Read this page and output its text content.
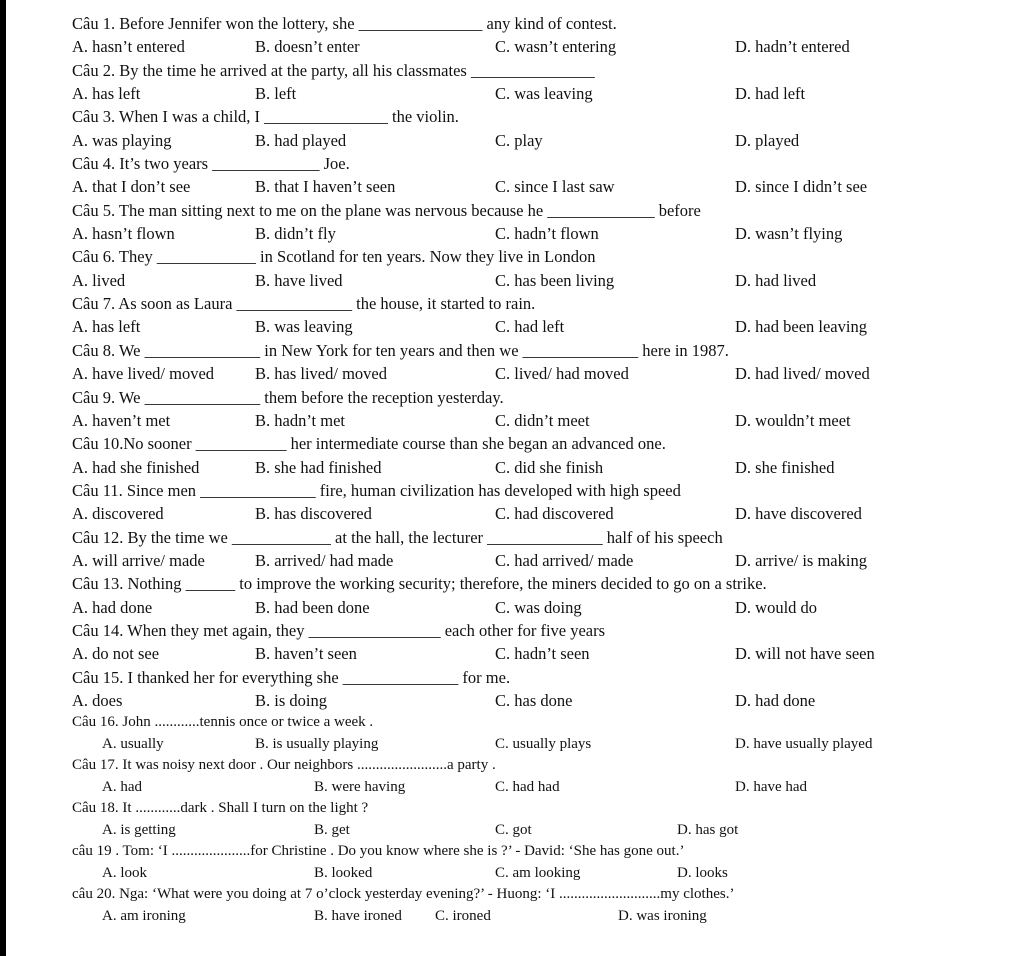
Câu 1. Before Jennifer won the lottery, she _______________ any kind of contest.
A. hasn’t entered	B. doesn’t enter	C. wasn’t entering	D. hadn’t entered
Câu 2. By the time he arrived at the party, all his classmates _______________
A. has left	B. left	C. was leaving	D. had left
Câu 3. When I was a child, I _______________ the violin.
A. was playing	B. had played	C. play	D. played
Câu 4. It’s two years _____________ Joe.
A. that I don’t see	B. that I haven’t seen	C. since I last saw	D. since I didn’t see
Câu 5. The man sitting next to me on the plane was nervous because he _____________ before
A. hasn’t flown	B. didn’t fly	C. hadn’t flown	D. wasn’t flying
Câu 6. They ____________ in Scotland for ten years. Now they live in London
A. lived	B. have lived	C. has been living	D. had lived
Câu 7. As soon as Laura ______________ the house, it started to rain.
A. has left	B. was leaving	C. had left	D. had been leaving
Câu 8. We ______________ in New York for ten years and then we ______________ here in 1987.
A. have lived/ moved B. has lived/ moved	C. lived/ had moved	D. had lived/ moved
Câu 9. We ______________ them before the reception yesterday.
A. haven’t met	B. hadn’t met	C. didn’t meet	D. wouldn’t meet
Câu 10.No sooner ___________ her intermediate course than she began an advanced one.
A. had she finished	B. she had finished	C. did she finish	D. she finished
Câu 11. Since men ______________ fire, human civilization has developed with high speed
A. discovered	B. has discovered	C. had discovered	D. have discovered
Câu 12. By the time we ____________ at the hall, the lecturer ______________ half of his speech
A. will arrive/ made	B. arrived/ had made	C. had arrived/ made	D. arrive/ is making
Câu 13. Nothing ______ to improve the working security; therefore, the miners decided to go on a strike.
A. had done	B. had been done	C. was doing	D. would do
Câu 14. When they met again, they ________________ each other for five years
A. do not see	B. haven’t seen	C. hadn’t seen	D. will not have seen
Câu 15. I thanked her for everything she ______________ for me.
A. does	B. is doing	C. has done	D. had done
Câu 16. John ............tennis once or twice a week .
A. usually	B. is usually playing	C. usually plays	D. have usually played
Câu 17. It was noisy next door . Our neighbors ........................a party .
A. had	B. were having	C. had had	D. have had
Câu 18. It ............dark . Shall I turn on the light ?
A. is getting	B. get	C. got	D. has got
câu 19 . Tom: ‘I .....................for Christine . Do you know where she is ?’ - David: ‘She has gone out.’
A. look	B. looked	C. am looking	D. looks
câu 20. Nga: ‘What were you doing at 7 o’clock yesterday evening?’ - Huong: ‘I ...........................my clothes.’
A. am ironing	B. have ironed C. ironed	D. was ironing
